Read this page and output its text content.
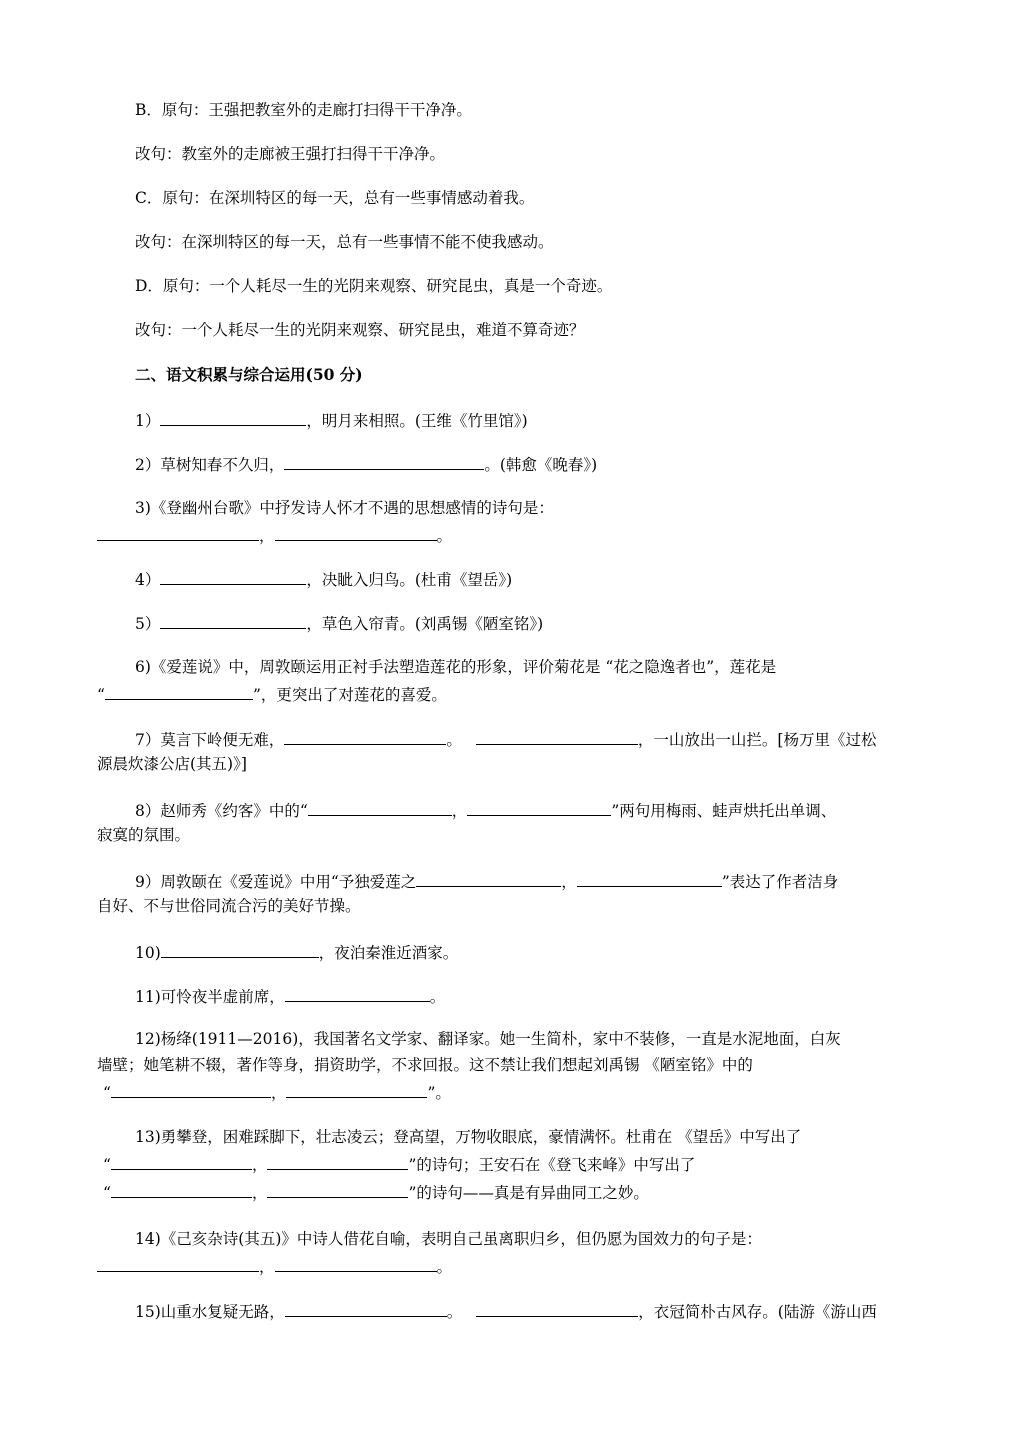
B．原句：王强把教室外的走廊打扫得干干净净。
改句：教室外的走廊被王强打扫得干干净净。
C．原句：在深圳特区的每一天，总有一些事情感动着我。
改句：在深圳特区的每一天，总有一些事情不能不使我感动。
D．原句：一个人耗尽一生的光阴来观察、研究昆虫，真是一个奇迹。
改句：一个人耗尽一生的光阴来观察、研究昆虫，难道不算奇迹？
二、语文积累与综合运用(50 分)
1）	，明月来相照。(王维《竹里馆》)
2）草树知春不久归，	。(韩愈《晚春》)
3)《登幽州台歌》中抒发诗人怀才不遇的思想感情的诗句是：
，	。
4）	，决眦入归鸟。(杜甫《望岳》)
5）	，草色入帘青。(刘禹锡《陋室铭》)
6)《爱莲说》中，周敦颐运用正衬手法塑造莲花的形象，评价菊花是 “花之隐逸者也”，莲花是
“	”，更突出了对莲花的喜爱。
7）莫言下岭便无难，	。	，一山放出一山拦。[杨万里《过松
源晨炊漆公店(其五)》]
8）赵师秀《约客》中的“	，	”两句用梅雨、蛙声烘托出单调、
寂寞的氛围。
9）周敦颐在《爱莲说》中用“予独爱莲之	，	”表达了作者洁身
自好、不与世俗同流合污的美好节操。
10)	，夜泊秦淮近酒家。
11)可怜夜半虚前席，	。
12)杨绛(1911—2016)，我国著名文学家、翻译家。她一生简朴，家中不装修，一直是水泥地面，白灰
墙壁；她笔耕不辍，著作等身，捐资助学，不求回报。这不禁让我们想起刘禹锡 《陋室铭》中的
“	，	”。
13)勇攀登，困难踩脚下，壮志凌云；登高望，万物收眼底，豪情满怀。杜甫在 《望岳》中写出了
“	，	”的诗句；王安石在《登飞来峰》中写出了
“	，	”的诗句——真是有异曲同工之妙。
14)《己亥杂诗(其五)》中诗人借花自喻，表明自己虽离职归乡，但仍愿为国效力的句子是：
，	。
15)山重水复疑无路，	。	，衣冠简朴古风存。(陆游《游山西
